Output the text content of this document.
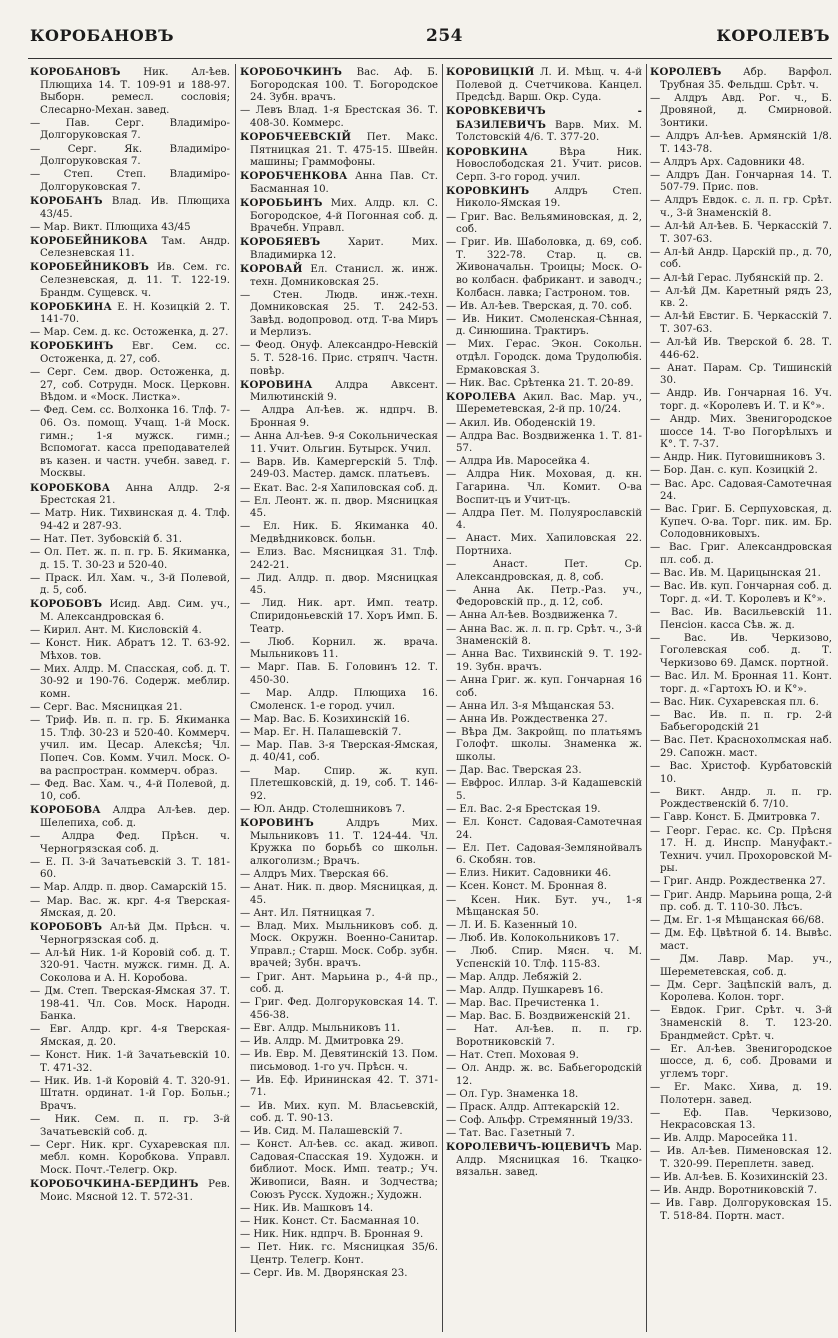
КОРОБАНОВЪ	254	КОРОЛЕВЪ
КОРОБАНОВЪ Ник. Ал-ѣев. Плющиха 14. Т. 109-91 и 188-97. Выборн. ремесл. сословія; Слесарно-Механ. завед.
— Пав. Серг. Владиміро-Долгоруковская 7.
— Серг. Як. Владиміро-Долгоруковская 7.
— Степ. Степ. Владиміро-Долгоруковская 7.
КОРОБАНЪ Влад. Ив. Плющиха 43/45.
— Мар. Викт. Плющиха 43/45
КОРОБЕЙНИКОВА Там. Андр. Селезневская 11.
КОРОБЕЙНИКОВЪ Ив. Сем. гс. Селезневская, д. 11. Т. 122-19. Брандм. Сущевск. ч.
КОРОБКИНА Е. Н. Козицкій 2. Т. 141-70.
— Мар. Сем. д. кс. Остоженка, д. 27.
КОРОБКИНЪ Евг. Сем. сс. Остоженка, д. 27, соб.
— Серг. Сем. двор. Остоженка, д. 27, соб. Сотрудн. Моск. Церковн. Вѣдом. и «Моск. Листка».
— Фед. Сем. сс. Волхонка 16. Тлф. 7-06. Оз. помощ. Учащ. 1-й Моск. гимн.; 1-я мужск. гимн.; Вспомогат. касса преподавателей въ казен. и частн. учебн. завед. г. Москвы.
КОРОБКОВА Анна Алдр. 2-я Брестская 21.
— Матр. Ник. Тихвинская д. 4. Тлф. 94-42 и 287-93.
— Нат. Пет. Зубовскій б. 31.
— Ол. Пет. ж. п. п. гр. Б. Якиманка, д. 15. Т. 30-23 и 520-40.
— Праск. Ил. Хам. ч., 3-й Полевой, д. 5, соб.
КОРОБОВЪ Исид. Авд. Сим. уч., М. Александровская 6.
— Кирил. Ант. М. Кисловскій 4.
— Конст. Ник. Абратъ 12. Т. 63-92. Мѣхов. тов.
— Мих. Алдр. М. Спасская, соб. д. Т. 30-92 и 190-76. Содерж. меблир. комн.
— Серг. Вас. Мясницкая 21.
— Триф. Ив. п. п. гр. Б. Якиманка 15. Тлф. 30-23 и 520-40. Коммерч. учил. им. Цесар. Алексѣя; Чл. Попеч. Сов. Комм. Учил. Моск. О-ва распростран. коммерч. образ.
— Фед. Вас. Хам. ч., 4-й Полевой, д. 10, соб.
КОРОБОВА Алдра Ал-ѣев. дер. Шелепиха, соб. д.
— Алдра Фед. Прѣсн. ч. Черногрязская соб. д.
— Е. П. 3-й Зачатьевскій 3. Т. 181-60.
— Мар. Алдр. п. двор. Самарскій 15.
— Мар. Вас. ж. крг. 4-я Тверская-Ямская, д. 20.
КОРОБОВЪ Ал-ѣй Дм. Прѣсн. ч. Черногрязская соб. д.
— Ал-ѣй Ник. 1-й Коровій соб. д. Т. 320-91. Частн. мужск. гимн. Д. А. Соколова и А. Н. Коробова.
— Дм. Степ. Тверская-Ямская 37. Т. 198-41. Чл. Сов. Моск. Народн. Банка.
— Евг. Алдр. крг. 4-я Тверская-Ямская, д. 20.
— Конст. Ник. 1-й Зачатьевскій 10. Т. 471-32.
— Ник. Ив. 1-й Коровій 4. Т. 320-91. Штатн. ординат. 1-й Гор. Больн.; Врачъ.
— Ник. Сем. п. п. гр. 3-й Зачатьевскій соб. д.
— Серг. Ник. крг. Сухаревская пл. мебл. комн. Коробкова. Управл. Моск. Почт.-Телегр. Окр.
КОРОБОЧКИНА-БЕРДИНЪ Рев. Моис. Мясной 12. Т. 572-31.
КОРОБОЧКИНЪ Вас. Аф. Б. Богородская 100. Т. Богородское 24. Зубн. врачъ.
— Левъ Влад. 1-я Брестская 36. Т. 408-30. Коммерс.
КОРОБЧЕЕВСКІЙ Пет. Макс. Пятницкая 21. Т. 475-15. Швейн. машины; Граммофоны.
КОРОБЧЕНКОВА Анна Пав. Ст. Басманная 10.
КОРОБЬИНЪ Мих. Алдр. кл. С. Богородское, 4-й Погонная соб. д. Врачебн. Управл.
КОРОБЯЕВЪ	Харит. Мих. Владимирка 12.
КОРОВАЙ Ел. Станисл. ж. инж. техн. Домниковская 25.
— Стен. Людв. инж.-техн. Домниковская 25. Т. 242-53. Завѣд. водопровод. отд. Т-ва Миръ и Мерлизъ.
— Феод. Онуф. Александро-Невскій 5. Т. 528-16. Прис. стряпч. Частн. повѣр.
КОРОВИНА Алдра Авксент. Милютинскій 9.
— Алдра Ал-ѣев. ж. ндпрч. В. Бронная 9.
— Анна Ал-ѣев. 9-я Сокольническая 11. Учит. Ольгин. Бутырск. Учил.
— Варв. Ив. Камергерскій 5. Тлф. 249-03. Мастер. дамск. платьевъ.
— Екат. Вас. 2-я Хапиловская соб. д.
— Ел. Леонт. ж. п. двор. Мясницкая 45.
— Ел. Ник. Б. Якиманка 40. Медвѣдниковск. больн.
— Елиз. Вас. Мясницкая 31. Тлф. 242-21.
— Лид. Алдр. п. двор. Мясницкая 45.
— Лид. Ник. арт. Имп. театр. Спиридоньевскій 17. Хоръ Имп. Б. Театр.
— Люб. Корнил. ж. врача. Мыльниковъ 11.
— Марг. Пав. Б. Головинъ 12. Т. 450-30.
— Мар. Алдр. Плющиха 16. Смоленск. 1-е город. учил.
— Мар. Вас. Б. Козихинскій 16.
— Мар. Ег. Н. Палашевскій 7.
— Мар. Пав. 3-я Тверская-Ямская, д. 40/41, соб.
— Мар. Спир. ж. куп. Плетешковскій, д. 19, соб. Т. 146-92.
— Юл. Андр. Столешниковъ 7.
КОРОВИНЪ	Алдръ Мих. Мыльниковъ 11. Т. 124-44. Чл. Кружка по борьбѣ со школьн. алкоголизм.; Врачъ.
— Алдръ Мих. Тверская 66.
— Анат. Ник. п. двор. Мясницкая, д. 45.
— Ант. Ил. Пятницкая 7.
— Влад. Мих. Мыльниковъ соб. д. Моск. Окружн. Военно-Санитар. Управл.; Старш. Моск. Собр. зубн. врачей; Зубн. врачъ.
— Григ. Ант. Марьина р., 4-й пр., соб. д.
— Григ. Фед. Долгоруковская 14. Т. 456-38.
— Евг. Алдр. Мыльниковъ 11.
— Ив. Алдр. М. Дмитровка 29.
— Ив. Евр. М. Девятинскій 13. Пом. письмовод. 1-го уч. Прѣсн. ч.
— Ив. Еф. Ирининская 42. Т. 371-71.
— Ив. Мих. куп. М. Власьевскій, соб. д. Т. 90-13.
— Ив. Сид. М. Палашевскій 7.
— Конст. Ал-ѣев. сс. акад. живоп. Садовая-Спасская 19. Художн. и библиот. Моск. Имп. театр.; Уч. Живописи, Ваян. и Зодчества; Союзъ Русск. Художн.; Художн.
— Ник. Ив. Машковъ 14.
— Ник. Конст. Ст. Басманная 10.
— Ник. Ник. ндпрч. В. Бронная 9.
— Пет. Ник. гс. Мясницкая 35/6. Центр. Телегр. Конт.
— Серг. Ив. М. Дворянская 23.
КОРОВИЦКІЙ Л. И. Мѣщ. ч. 4-й Полевой д. Счетчикова. Канцел. Предсѣд. Варш. Окр. Суда.
КОРОВКЕВИЧЪ - БАЗИЛЕВИЧЪ Варв. Мих. М. Толстовскій 4/6. Т. 377-20.
КОРОВКИНА	Вѣра Ник. Новослободская 21. Учит. рисов. Серп. 3-го город. учил.
КОРОВКИНЪ Алдръ Степ. Николо-Ямская 19.
— Григ. Вас. Вельяминовская, д. 2, соб.
— Григ. Ив. Шаболовка, д. 69, соб. Т. 322-78. Стар. ц. св. Живоначальн. Троицы; Моск. О-во колбасн. фабрикант. и заводч.; Колбасн. лавка; Гастроном. тов.
— Ив. Ал-ѣев. Тверская, д. 70. соб.
— Ив. Никит. Смоленская-Сѣнная, д. Синюшина. Трактиръ.
— Мих. Герас. Экон. Сокольн. отдѣл. Городск. дома Трудолюбія. Ермаковская 3.
— Ник. Вас. Срѣтенка 21. Т. 20-89.
КОРОЛЕВА Акил. Вас. Мар. уч., Шереметевская, 2-й пр. 10/24.
— Акил. Ив. Ободенскій 19.
— Алдра Вас. Воздвиженка 1. Т. 81-57.
— Алдра Ив. Маросейка 4.
— Алдра Ник. Моховая, д. кн. Гагарина. Чл. Комит. О-ва Воспит-цъ и Учит-цъ.
— Алдра Пет. М. Полуярославскій 4.
— Анаст. Мих. Хапиловская 22. Портниха.
— Анаст. Пет. Ср. Александровская, д. 8, соб.
— Анна Ак. Петр.-Раз. уч., Федоровскій пр., д. 12, соб.
— Анна Ал-ѣев. Воздвиженка 7.
— Анна Вас. ж. л. п. гр. Срѣт. ч., 3-й Знаменскій 8.
— Анна Вас. Тихвинскій 9. Т. 192-19. Зубн. врачъ.
— Анна Григ. ж. куп. Гончарная 16 соб.
— Анна Ил. 3-я Мѣщанская 53.
— Анна Ив. Рождественка 27.
— Вѣра Дм. Закройщ. по платьямъ Голофт. школы. Знаменка ж. школы.
— Дар. Вас. Тверская 23.
— Евфрос. Иллар. 3-й Кадашевскій 5.
— Ел. Вас. 2-я Брестская 19.
— Ел. Конст. Садовая-Самотечная 24.
— Ел. Пет. Садовая-Землянойвалъ 6. Скобян. тов.
— Елиз. Никит. Садовники 46.
— Ксен. Конст. М. Бронная 8.
— Ксен. Ник. Бут. уч., 1-я Мѣщанская 50.
— Л. И. Б. Казенный 10.
— Люб. Ив. Колокольниковъ 17.
— Люб. Спир. Мясн. ч. М. Успенскій 10. Тлф. 115-83.
— Мар. Алдр. Лебяжій 2.
— Мар. Алдр. Пушкаревъ 16.
— Мар. Вас. Пречистенка 1.
— Мар. Вас. Б. Воздвиженскій 21.
— Нат. Ал-ѣев. п. п. гр. Воротниковскій 7.
— Нат. Степ. Моховая 9.
— Ол. Андр. ж. вс. Бабьегородскій 12.
— Ол. Гур. Знаменка 18.
— Праск. Алдр. Аптекарскій 12.
— Соф. Альфр. Стремянный 19/33.
— Тат. Вас. Газетный 7.
КОРОЛЕВИЧЪ-ЮЦЕВИЧЪ Мар. Алдр. Мясницкая 16. Ткацко-вязальн. завед.
КОРОЛЕВЪ Абр. Варфол. Трубная 35. Фельдш. Срѣт. ч.
— Алдръ Авд. Рог. ч., Б. Дровяной, д. Смирновой. Зонтики.
— Алдръ Ал-ѣев. Армянскій 1/8. Т. 143-78.
— Алдръ Арх. Садовники 48.
— Алдръ Дан. Гончарная 14. Т. 507-79. Прис. пов.
— Алдръ Евдок. с. л. п. гр. Срѣт. ч., 3-й Знаменскій 8.
— Ал-ѣй Ал-ѣев. Б. Черкасскій 7. Т. 307-63.
— Ал-ѣй Андр. Царскій пр., д. 70, соб.
— Ал-ѣй Герас. Лубянскій пр. 2.
— Ал-ѣй Дм. Каретный рядъ 23, кв. 2.
— Ал-ѣй Евстиг. Б. Черкасскій 7. Т. 307-63.
— Ал-ѣй Ив. Тверской б. 28. Т. 446-62.
— Анат. Парам. Ср. Тишинскій 30.
— Андр. Ив. Гончарная 16. Уч. торг. д. «Королевъ И. Т. и К°».
— Андр. Мих. Звенигородское шоссе 14. Т-во Погорѣлыхъ и К°. Т. 7-37.
— Андр. Ник. Пуговишниковъ 3.
— Бор. Дан. с. куп. Козицкій 2.
— Вас. Арс. Садовая-Самотечная 24.
— Вас. Григ. Б. Серпуховская, д. Купеч. О-ва. Торг. пик. им. Бр. Солодовниковыхъ.
— Вас. Григ. Александровская пл. соб. д.
— Вас. Ив. М. Царицынская 21.
— Вас. Ив. куп. Гончарная соб. д. Торг. д. «И. Т. Королевъ и К°».
— Вас. Ив. Васильевскій 11. Пенсіон. касса Сѣв. ж. д.
— Вас. Ив. Черкизово, Гоголевская соб. д. Т. Черкизово 69. Дамск. портной.
— Вас. Ил. М. Бронная 11. Конт. торг. д. «Гартохъ Ю. и К°».
— Вас. Ник. Сухаревская пл. 6.
— Вас. Ив. п. п. гр. 2-й Бабьегородскій 21
— Вас. Пет. Краснохолмская наб. 29. Сапожн. маст.
— Вас. Христоф. Курбатовскій 10.
— Викт. Андр. л. п. гр. Рождественскій б. 7/10.
— Гавр. Конст. Б. Дмитровка 7.
— Георг. Герас. кс. Ср. Прѣсня 17. Н. д. Инспр. Мануфакт.-Технич. учил. Прохоровской М-ры.
— Григ. Андр. Рождественка 27.
— Григ. Андр. Марьина роща, 2-й пр. соб. д. Т. 110-30. Лѣсъ.
— Дм. Ег. 1-я Мѣщанская 66/68.
— Дм. Еф. Цвѣтной б. 14. Вывѣс. маст.
— Дм. Лавр. Мар. уч., Шереметевская, соб. д.
— Дм. Серг. Зацѣпскій валъ, д. Королева. Колон. торг.
— Евдок. Григ. Срѣт. ч. 3-й Знаменскій 8. Т. 123-20. Брандмейст. Срѣт. ч.
— Ег. Ал-ѣев. Звенигородское шоссе, д. 6, соб. Дровами и углемъ торг.
— Ег. Макс. Хива, д. 19. Полотерн. завед.
— Еф. Пав. Черкизово, Некрасовская 13.
— Ив. Алдр. Маросейка 11.
— Ив. Ал-ѣев. Пименовская 12. Т. 320-99. Переплетн. завед.
— Ив. Ал-ѣев. Б. Козихинскій 23.
— Ив. Андр. Воротниковскій 7.
— Ив. Гавр. Долгоруковская 15. Т. 518-84. Портн. маст.
